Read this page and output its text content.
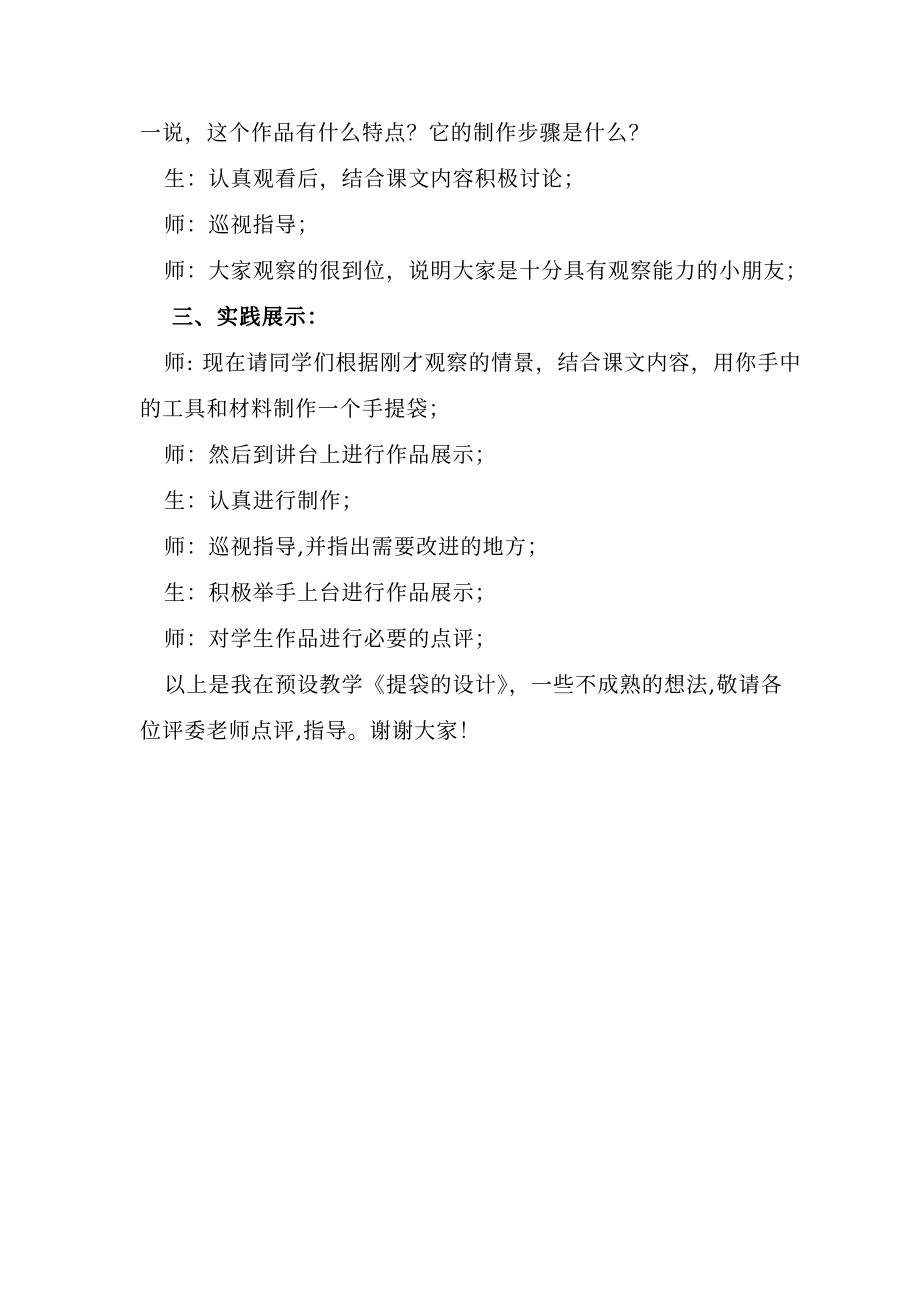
一说，这个作品有什么特点？它的制作步骤是什么？
生：认真观看后，结合课文内容积极讨论；
师：巡视指导；
师：大家观察的很到位，说明大家是十分具有观察能力的小朋友；
三、实践展示：
师: 现在请同学们根据刚才观察的情景，结合课文内容，用你手中
的工具和材料制作一个手提袋；
师：然后到讲台上进行作品展示；
生：认真进行制作；
师：巡视指导,并指出需要改进的地方；
生：积极举手上台进行作品展示；
师：对学生作品进行必要的点评；
以上是我在预设教学《提袋的设计》，一些不成熟的想法,敬请各
位评委老师点评,指导。谢谢大家！
